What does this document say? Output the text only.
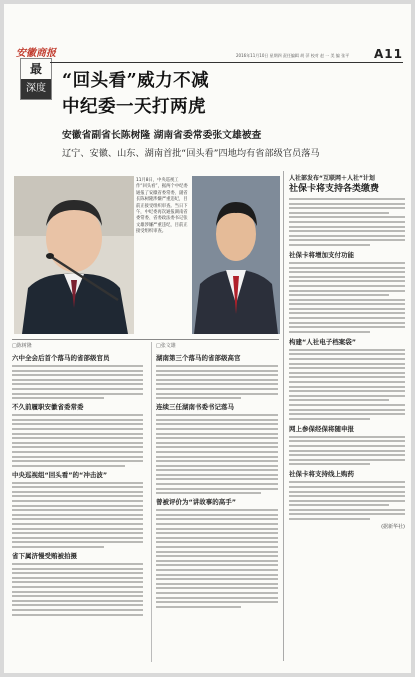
安徽商报
最
深度
2016年11月10日 星期四 责任编辑 胡 萍 校对 赵 一 美 编 张平 A11
“回头看”威力不减
中纪委一天打两虎
安徽省副省长陈树隆 湖南省委常委张文雄被查
辽宁、安徽、山东、湖南首批“回头看”四地均有省部级官员落马
11月8日，中央巡视工作“回头看”，据两个中纪委通报了安徽省委常委、副省长陈树隆涉嫌严重违纪，目前正接受组织审查。当日下午，中纪委再次通报湖南省委常委、省委政法委书记张文雄涉嫌严重违纪，目前正接受组织审查。
人社部发布“互联网＋人社”计划
社保卡将支持各类缴费
社保卡将增加支付功能
构建“人社电子档案袋”
网上参保经保将随申报
社保卡将支持线上购药
(据新华社)
□陈树隆
六中全会后首个落马的省部级官员
不久前履职安徽省委常委
中央巡视组“回头看”的“冲击波”
省下属济慢受贿被拍摄
□张文雄
湖南第三个落马的省部级高官
连续三任湖南书委书记落马
曾被评价为“讲故事的高手”
